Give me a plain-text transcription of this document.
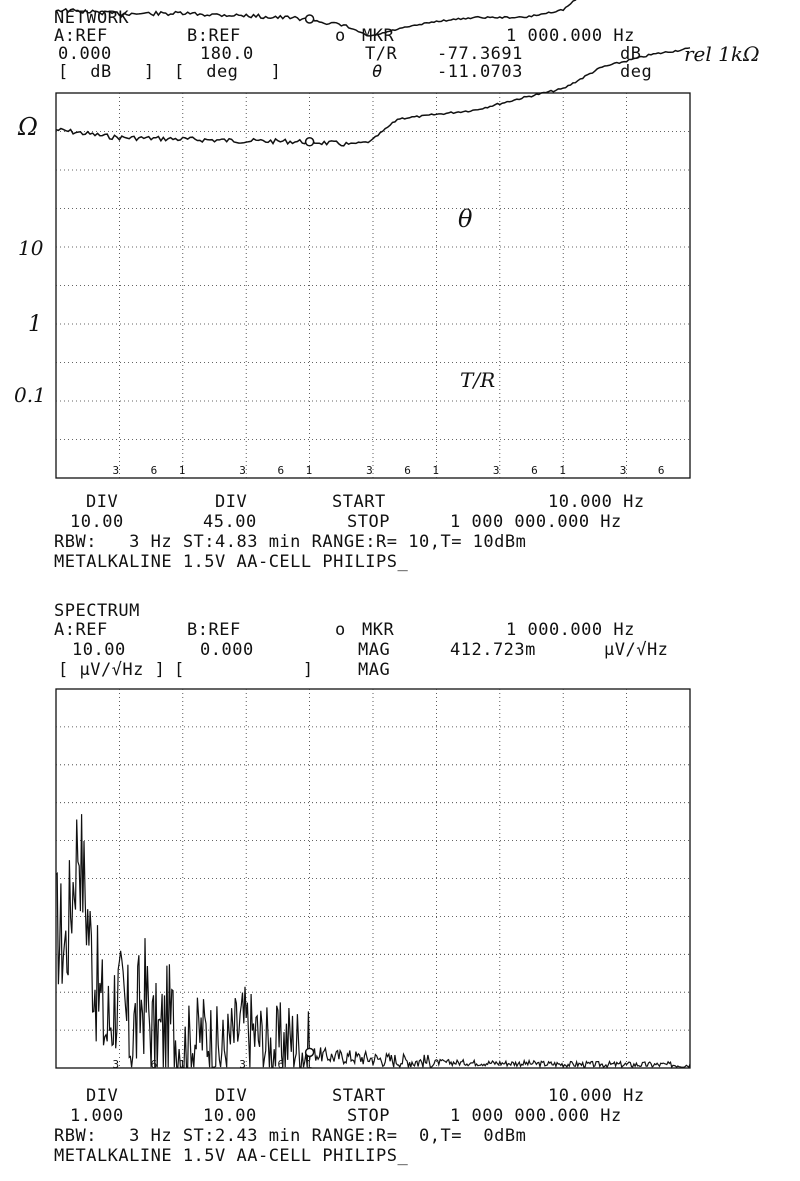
NETWORK
A:REF	B:REF	o MKR	1 000.000 Hz
0.000	180.0	T/R -77.3691	dB rel 1kΩ
[  dB   ] [  deg   ]	θ	-11.0703	deg
Ω
10
1
0.1
3	6 1	3	6 1	3	6 1	3	6 1	3	6
θ
T/R
DIV	DIV	START	10.000 Hz
10.00	45.00	STOP	1 000 000.000 Hz
RBW:   3 Hz ST:4.83 min RANGE:R= 10,T= 10dBm
METALKALINE 1.5V AA-CELL PHILIPS_
SPECTRUM
A:REF	B:REF	o MKR	1 000.000 Hz
10.00	0.000	MAG	412.723m	µV/√Hz
[ µV/√Hz ] [           ]	MAG
3	6 1	3	6 1
DIV	DIV	START	10.000 Hz
1.000	10.00	STOP	1 000 000.000 Hz
RBW:   3 Hz ST:2.43 min RANGE:R=  0,T=  0dBm
METALKALINE 1.5V AA-CELL PHILIPS_
